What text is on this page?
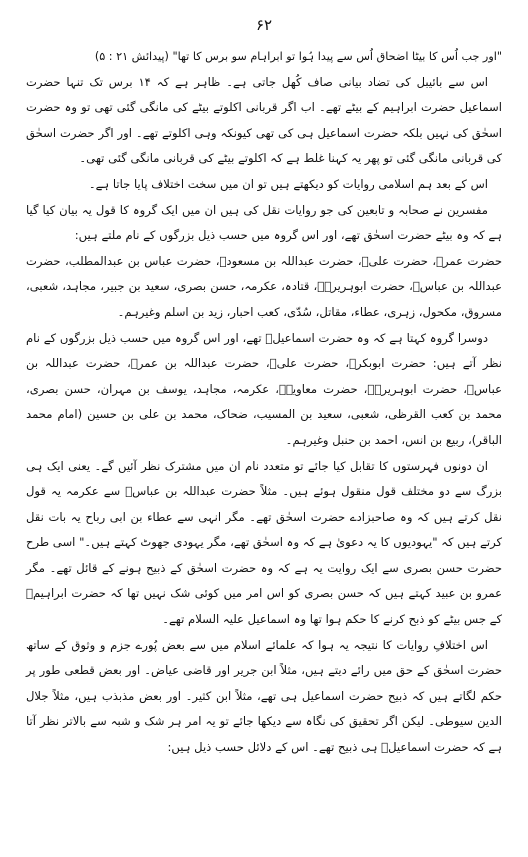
۶۲

"اور جب اُس کا بیٹا اضحاق اُس سے پیدا ہُوا تو ابراہام سو برس کا تھا" (پیدائش ۲۱ : ۵)

اس سے بائیبل کی تضاد بیانی صاف کُھل جاتی ہے۔ ظاہر ہے کہ ۱۴ برس تک تنہا حضرت اسماعیل حضرت ابراہیم کے بیٹے تھے۔ اب اگر قربانی اکلوتے بیٹے کی مانگی گئی تھی تو وہ حضرت اسحٰق کی نہیں بلکہ حضرت اسماعیل ہی کی تھی کیونکہ وہی اکلوتے تھے۔ اور اگر حضرت اسحٰق کی قربانی مانگی گئی تو پھر یہ کہنا غلط ہے کہ اکلوتے بیٹے کی قربانی مانگی گئی تھی۔

اس کے بعد ہم اسلامی روایات کو دیکھتے ہیں تو ان میں سخت اختلاف پایا جاتا ہے۔

مفسرین نے صحابہ و تابعین کی جو روایات نقل کی ہیں ان میں ایک گروہ کا قول یہ بیان کیا گیا ہے کہ وہ بیٹے حضرت اسحٰق تھے، اور اس گروہ میں حسب ذیل بزرگوں کے نام ملتے ہیں:

حضرت عمرؓ، حضرت علیؓ، حضرت عبداللہ بن مسعودؓ، حضرت عباس بن عبدالمطلب، حضرت عبداللہ بن عباسؓ، حضرت ابوہریرہؓ، قتادہ، عکرمہ، حسن بصری، سعید بن جبیر، مجاہد، شعبی، مسروق، مکحول، زہری، عطاء، مقاتل، سُدّی، کعب احبار، زید بن اسلم وغیرہم۔

دوسرا گروہ کہتا ہے کہ وہ حضرت اسماعیلؑ تھے، اور اس گروہ میں حسب ذیل بزرگوں کے نام نظر آتے ہیں: حضرت ابوبکرؓ، حضرت علیؓ، حضرت عبداللہ بن عمرؓ، حضرت عبداللہ بن عباسؓ، حضرت ابوہریرہؓ، حضرت معاویہؓ، عکرمہ، مجاہد، یوسف بن مہران، حسن بصری، محمد بن کعب القرظی، شعبی، سعید بن المسیب، ضحاک، محمد بن علی بن حسین (امام محمد الباقر)، ربیع بن انس، احمد بن حنبل وغیرہم۔

ان دونوں فہرستوں کا تقابل کیا جائے تو متعدد نام ان میں مشترک نظر آئیں گے۔ یعنی ایک ہی بزرگ سے دو مختلف قول منقول ہوئے ہیں۔ مثلاً حضرت عبداللہ بن عباسؓ سے عکرمہ یہ قول نقل کرتے ہیں کہ وہ صاحبزادے حضرت اسحٰق تھے۔ مگر انہی سے عطاء بن ابی رباح یہ بات نقل کرتے ہیں کہ "یہودیوں کا یہ دعویٰ ہے کہ وہ اسحٰق تھے، مگر یہودی جھوٹ کہتے ہیں۔" اسی طرح حضرت حسن بصری سے ایک روایت یہ ہے کہ وہ حضرت اسحٰق کے ذبیح ہونے کے قائل تھے۔ مگر عمرو بن عبید کہتے ہیں کہ حسن بصری کو اس امر میں کوئی شک نہیں تھا کہ حضرت ابراہیمؑ کے جس بیٹے کو ذبح کرنے کا حکم ہوا تھا وہ اسماعیل علیہ السلام تھے۔

اس اختلافِ روایات کا نتیجہ یہ ہوا کہ علمائے اسلام میں سے بعض پُورے جزم و وثوق کے ساتھ حضرت اسحٰق کے حق میں رائے دیتے ہیں، مثلاً ابن جریر اور قاضی عیاض۔ اور بعض قطعی طور پر حکم لگاتے ہیں کہ ذبیح حضرت اسماعیل ہی تھے، مثلاً ابن کثیر۔ اور بعض مذبذب ہیں، مثلاً جلال الدین سیوطی۔ لیکن اگر تحقیق کی نگاہ سے دیکھا جائے تو یہ امر ہر شک و شبہ سے بالاتر نظر آتا ہے کہ حضرت اسماعیلؑ ہی ذبیح تھے۔ اس کے دلائل حسب ذیل ہیں:
